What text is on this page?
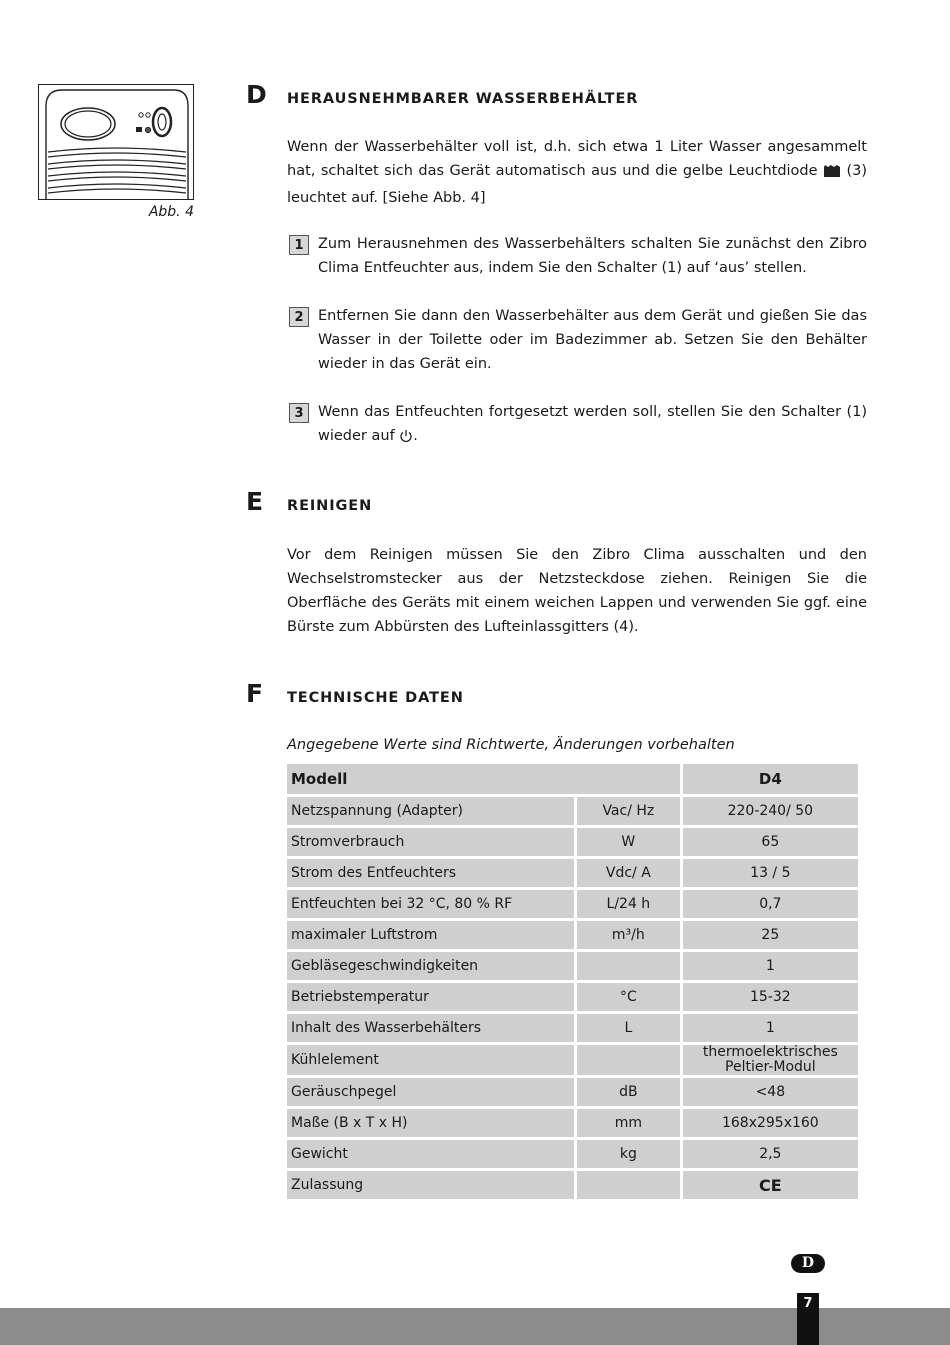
Abb. 4
D HERAUSNEHMBARER WASSERBEHÄLTER
Wenn der Wasserbehälter voll ist, d.h. sich etwa 1 Liter Wasser angesammelt hat, schaltet sich das Gerät automatisch aus und die gelbe Leuchtdiode (3) leuchtet auf. [Siehe Abb. 4]
1 Zum Herausnehmen des Wasserbehälters schalten Sie zunächst den Zibro Clima Entfeuchter aus, indem Sie den Schalter (1) auf ‘aus’ stellen.
2 Entfernen Sie dann den Wasserbehälter aus dem Gerät und gießen Sie das Wasser in der Toilette oder im Badezimmer ab. Setzen Sie den Behälter wieder in das Gerät ein.
3 Wenn das Entfeuchten fortgesetzt werden soll, stellen Sie den Schalter (1) wieder auf .
E REINIGEN
Vor dem Reinigen müssen Sie den Zibro Clima ausschalten und den Wechselstromstecker aus der Netzsteckdose ziehen. Reinigen Sie die Oberfläche des Geräts mit einem weichen Lappen und verwenden Sie ggf. eine Bürste zum Abbürsten des Lufteinlassgitters (4).
F TECHNISCHE DATEN
Angegebene Werte sind Richtwerte, Änderungen vorbehalten
Modell		D4
Netzspannung (Adapter)	Vac/ Hz	220-240/ 50
Stromverbrauch	W	65
Strom des Entfeuchters	Vdc/ A	13 / 5
Entfeuchten bei 32 °C, 80 % RF	L/24 h	0,7
maximaler Luftstrom	m³/h	25
Gebläsegeschwindigkeiten		1
Betriebstemperatur	°C	15-32
Inhalt des Wasserbehälters	L	1
Kühlelement		thermoelektrisches
Peltier-Modul

Geräuschpegel	dB	<48
Maße (B x T x H)	mm	168x295x160
Gewicht	kg	2,5
Zulassung		CE
D
7
